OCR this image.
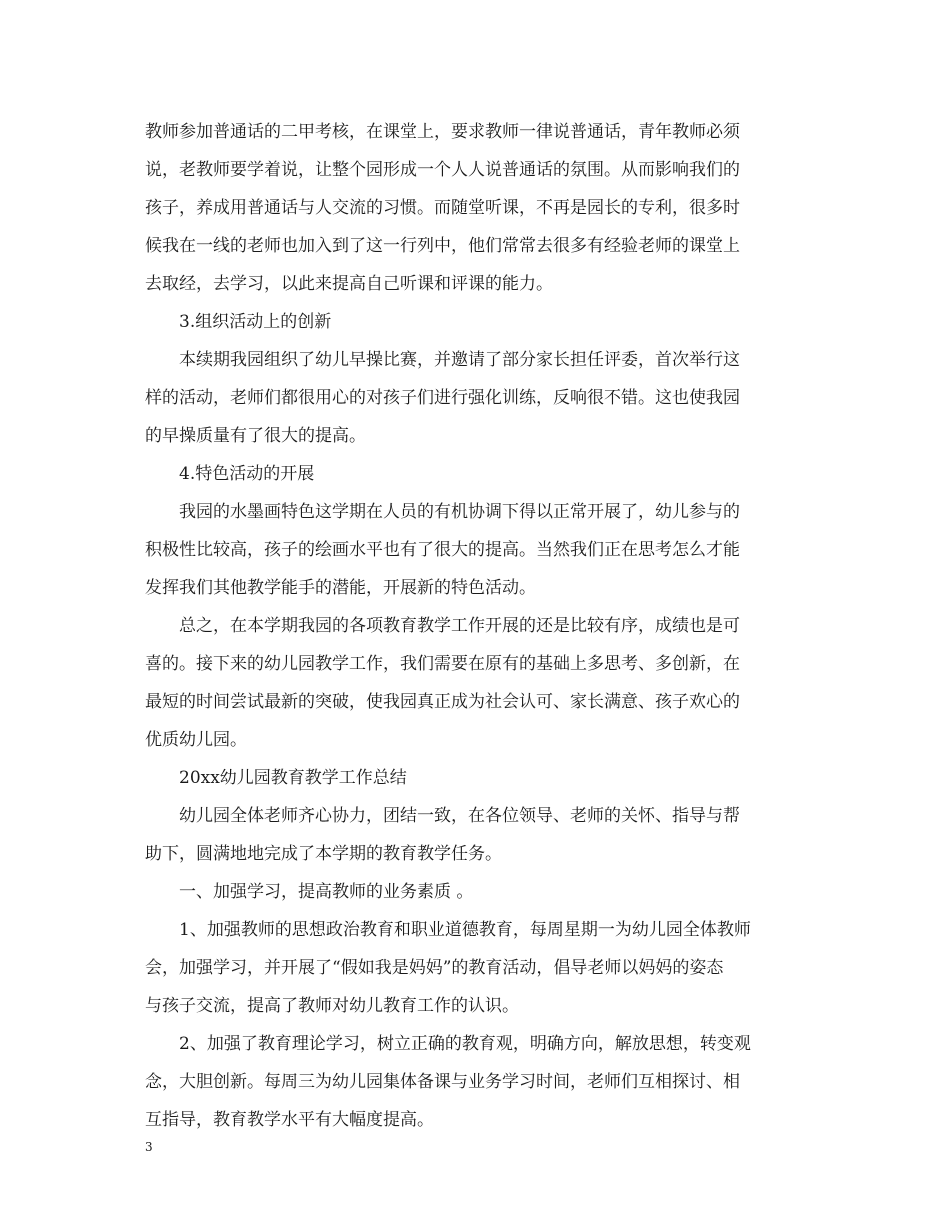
教师参加普通话的二甲考核，在课堂上，要求教师一律说普通话，青年教师必须
说，老教师要学着说，让整个园形成一个人人说普通话的氛围。从而影响我们的
孩子，养成用普通话与人交流的习惯。而随堂听课，不再是园长的专利，很多时
候我在一线的老师也加入到了这一行列中，他们常常去很多有经验老师的课堂上
去取经，去学习，以此来提高自己听课和评课的能力。
3.组织活动上的创新
本续期我园组织了幼儿早操比赛，并邀请了部分家长担任评委，首次举行这
样的活动，老师们都很用心的对孩子们进行强化训练，反响很不错。这也使我园
的早操质量有了很大的提高。
4.特色活动的开展
我园的水墨画特色这学期在人员的有机协调下得以正常开展了，幼儿参与的
积极性比较高，孩子的绘画水平也有了很大的提高。当然我们正在思考怎么才能
发挥我们其他教学能手的潜能，开展新的特色活动。
总之，在本学期我园的各项教育教学工作开展的还是比较有序，成绩也是可
喜的。接下来的幼儿园教学工作，我们需要在原有的基础上多思考、多创新，在
最短的时间尝试最新的突破，使我园真正成为社会认可、家长满意、孩子欢心的
优质幼儿园。
20xx幼儿园教育教学工作总结
幼儿园全体老师齐心协力，团结一致，在各位领导、老师的关怀、指导与帮
助下，圆满地地完成了本学期的教育教学任务。
一、加强学习，提高教师的业务素质 。
1、加强教师的思想政治教育和职业道德教育，每周星期一为幼儿园全体教师
会，加强学习，并开展了“假如我是妈妈”的教育活动，倡导老师以妈妈的姿态
与孩子交流，提高了教师对幼儿教育工作的认识。
2、加强了教育理论学习，树立正确的教育观，明确方向，解放思想，转变观
念，大胆创新。每周三为幼儿园集体备课与业务学习时间，老师们互相探讨、相
互指导，教育教学水平有大幅度提高。
3
